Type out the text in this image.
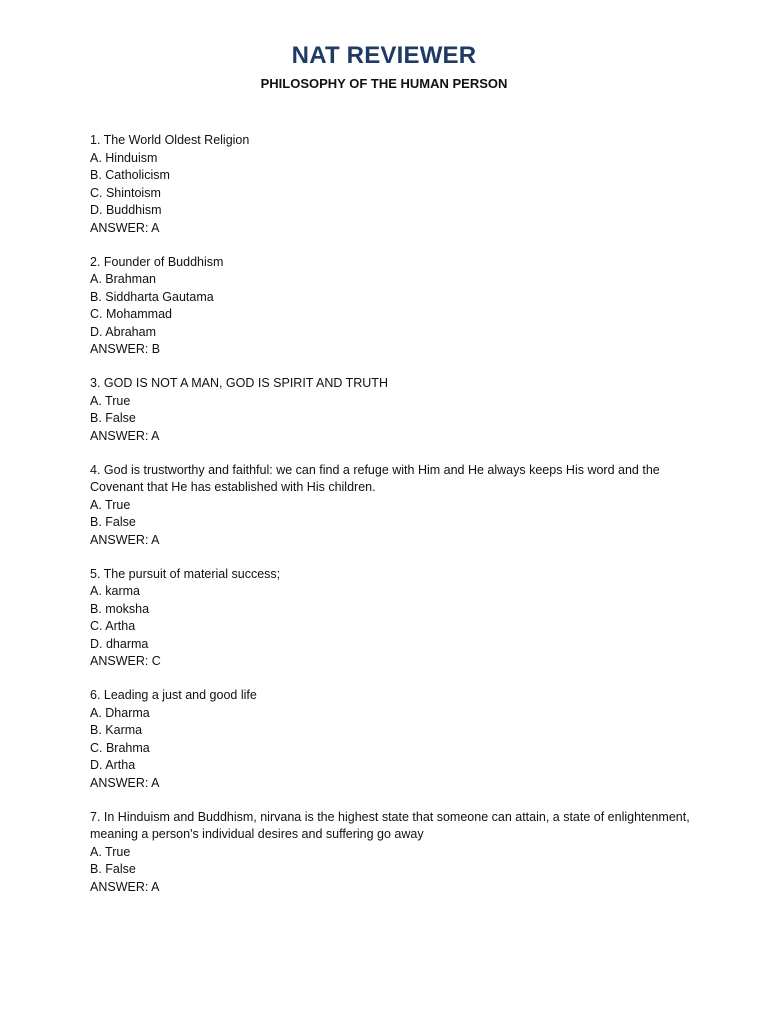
NAT REVIEWER
PHILOSOPHY OF THE HUMAN PERSON
1. The World Oldest Religion
A. Hinduism
B. Catholicism
C. Shintoism
D. Buddhism
ANSWER: A
2. Founder of Buddhism
A. Brahman
B. Siddharta Gautama
C. Mohammad
D. Abraham
ANSWER: B
3. GOD IS NOT A MAN, GOD IS SPIRIT AND TRUTH
A. True
B. False
ANSWER: A
4. God is trustworthy and faithful: we can find a refuge with Him and He always keeps His word and the Covenant that He has established with His children.
A. True
B. False
ANSWER: A
5. The pursuit of material success;
A. karma
B. moksha
C. Artha
D. dharma
ANSWER: C
6. Leading a just and good life
A. Dharma
B. Karma
C. Brahma
D. Artha
ANSWER: A
7. In Hinduism and Buddhism, nirvana is the highest state that someone can attain, a state of enlightenment, meaning a person's individual desires and suffering go away
A. True
B. False
ANSWER: A
